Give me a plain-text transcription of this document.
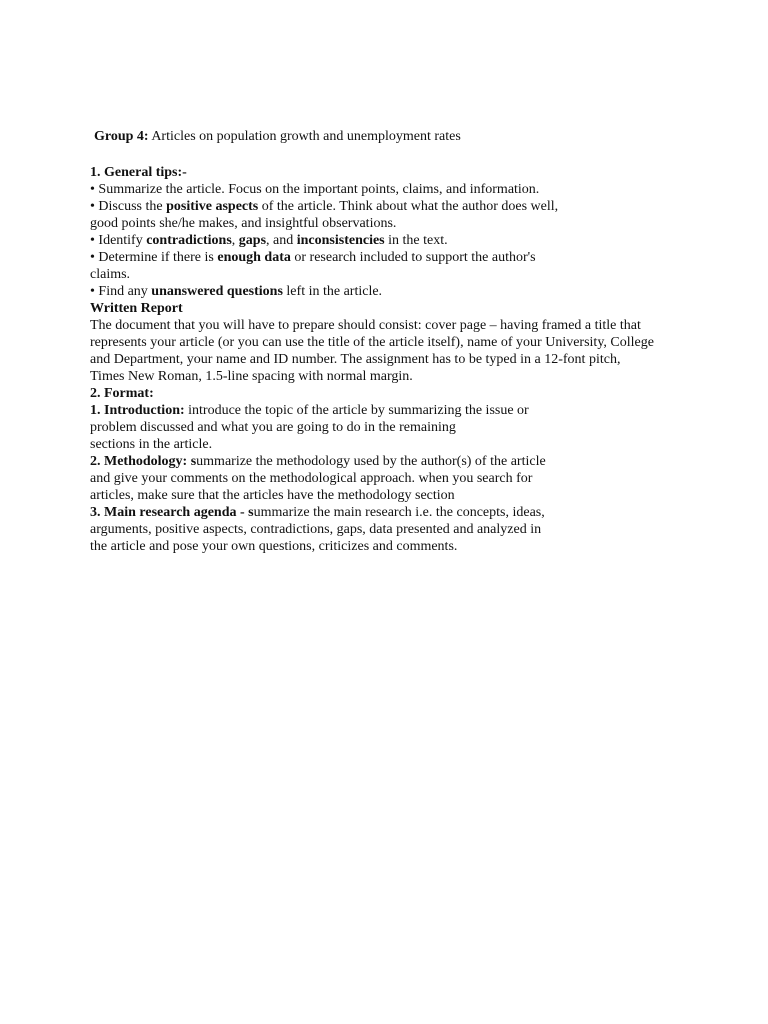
Group 4: Articles on population growth and unemployment rates
1. General tips:-
• Summarize the article. Focus on the important points, claims, and information.
• Discuss the positive aspects of the article. Think about what the author does well,
good points she/he makes, and insightful observations.
• Identify contradictions, gaps, and inconsistencies in the text.
• Determine if there is enough data or research included to support the author's
claims.
• Find any unanswered questions left in the article.
Written Report
The document that you will have to prepare should consist: cover page – having framed a title that
represents your article (or you can use the title of the article itself), name of your University, College
and Department, your name and ID number. The assignment has to be typed in a 12-font pitch,
Times New Roman, 1.5-line spacing with normal margin.
2. Format:
1. Introduction: introduce the topic of the article by summarizing the issue or
problem discussed and what you are going to do in the remaining
sections in the article.
2. Methodology: summarize the methodology used by the author(s) of the article
and give your comments on the methodological approach. when you search for
articles, make sure that the articles have the methodology section
3. Main research agenda - summarize the main research i.e. the concepts, ideas,
arguments, positive aspects, contradictions, gaps, data presented and analyzed in
the article and pose your own questions, criticizes and comments.
